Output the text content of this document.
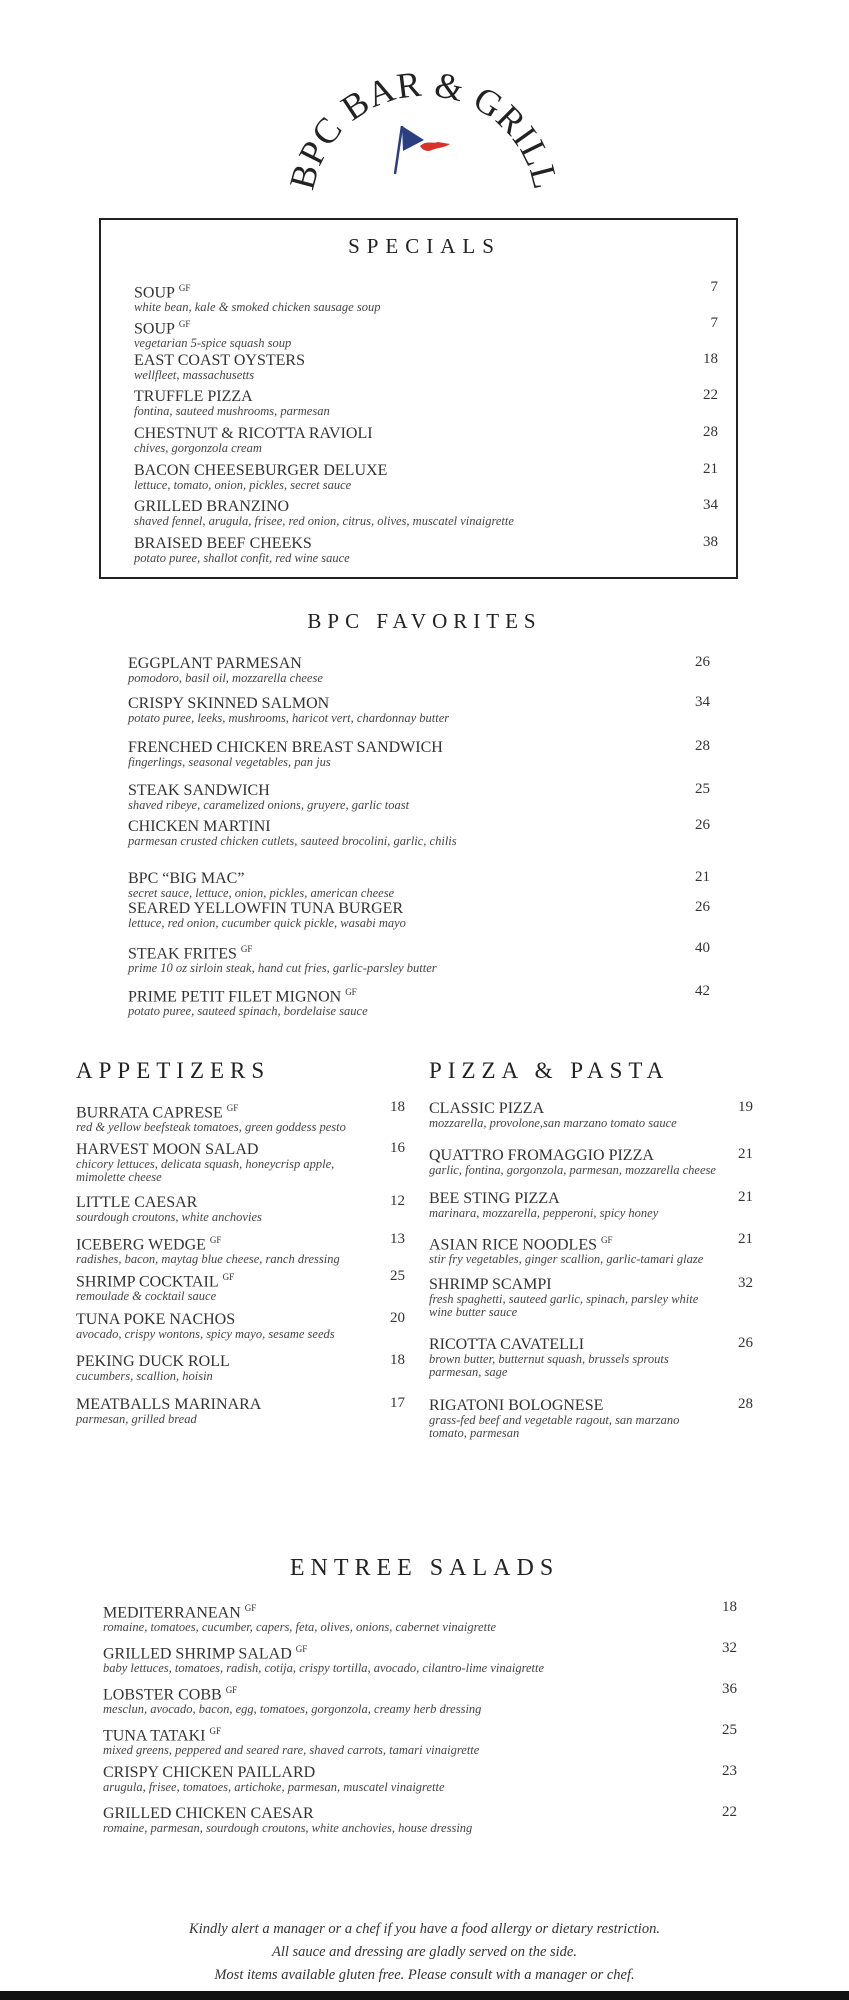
BPC BAR & GRILL
SPECIALS
SOUP $^{GF}$
white bean, kale & smoked chicken sausage soup
7
SOUP $^{GF}$
vegetarian 5-spice squash soup
7
EAST COAST OYSTERS
wellfleet, massachusetts
18
TRUFFLE PIZZA
fontina, sauteed mushrooms, parmesan
22
CHESTNUT & RICOTTA RAVIOLI
chives, gorgonzola cream
28
BACON CHEESEBURGER DELUXE
lettuce, tomato, onion, pickles, secret sauce
21
GRILLED BRANZINO
shaved fennel, arugula, frisee, red onion, citrus, olives, muscatel vinaigrette
34
BRAISED BEEF CHEEKS
potato puree, shallot confit, red wine sauce
38
BPC FAVORITES
EGGPLANT PARMESAN
pomodoro, basil oil, mozzarella cheese
26
CRISPY SKINNED SALMON
potato puree, leeks, mushrooms, haricot vert, chardonnay butter
34
FRENCHED CHICKEN BREAST SANDWICH
fingerlings, seasonal vegetables, pan jus
28
STEAK SANDWICH
shaved ribeye, caramelized onions, gruyere, garlic toast
25
CHICKEN MARTINI
parmesan crusted chicken cutlets, sauteed brocolini, garlic, chilis
26
BPC “BIG MAC”
secret sauce, lettuce, onion, pickles, american cheese
21
SEARED YELLOWFIN TUNA BURGER
lettuce, red onion, cucumber quick pickle, wasabi mayo
26
STEAK FRITES $^{GF}$
prime 10 oz sirloin steak, hand cut fries, garlic-parsley butter
40
PRIME PETIT FILET MIGNON $^{GF}$
potato puree, sauteed spinach, bordelaise sauce
42
APPETIZERS
BURRATA CAPRESE $^{GF}$
red & yellow beefsteak tomatoes, green goddess pesto
18
HARVEST MOON SALAD
chicory lettuces, delicata squash, honeycrisp apple, mimolette cheese
16
LITTLE CAESAR
sourdough croutons, white anchovies
12
ICEBERG WEDGE $^{GF}$
radishes, bacon, maytag blue cheese, ranch dressing
13
SHRIMP COCKTAIL $^{GF}$
remoulade & cocktail sauce
25
TUNA POKE NACHOS
avocado, crispy wontons, spicy mayo, sesame seeds
20
PEKING DUCK ROLL
cucumbers, scallion, hoisin
18
MEATBALLS MARINARA
parmesan, grilled bread
17
PIZZA & PASTA
CLASSIC PIZZA
mozzarella, provolone,san marzano tomato sauce
19
QUATTRO FROMAGGIO PIZZA
garlic, fontina, gorgonzola, parmesan, mozzarella cheese
21
BEE STING PIZZA
marinara, mozzarella, pepperoni, spicy honey
21
ASIAN RICE NOODLES $^{GF}$
stir fry vegetables, ginger scallion, garlic-tamari glaze
21
SHRIMP SCAMPI
fresh spaghetti, sauteed garlic, spinach, parsley white wine butter sauce
32
RICOTTA CAVATELLI
brown butter, butternut squash, brussels sprouts parmesan, sage
26
RIGATONI BOLOGNESE
grass-fed beef and vegetable ragout, san marzano tomato, parmesan
28
ENTREE SALADS
MEDITERRANEAN $^{GF}$
romaine, tomatoes, cucumber, capers, feta, olives, onions, cabernet vinaigrette
18
GRILLED SHRIMP SALAD $^{GF}$
baby lettuces, tomatoes, radish, cotija, crispy tortilla, avocado, cilantro-lime vinaigrette
32
LOBSTER COBB $^{GF}$
mesclun, avocado, bacon, egg, tomatoes, gorgonzola, creamy herb dressing
36
TUNA TATAKI $^{GF}$
mixed greens, peppered and seared rare, shaved carrots, tamari vinaigrette
25
CRISPY CHICKEN PAILLARD
arugula, frisee, tomatoes, artichoke, parmesan, muscatel vinaigrette
23
GRILLED CHICKEN CAESAR
romaine, parmesan, sourdough croutons, white anchovies, house dressing
22
Kindly alert a manager or a chef if you have a food allergy or dietary restriction.
All sauce and dressing are gladly served on the side.
Most items available gluten free. Please consult with a manager or chef.
